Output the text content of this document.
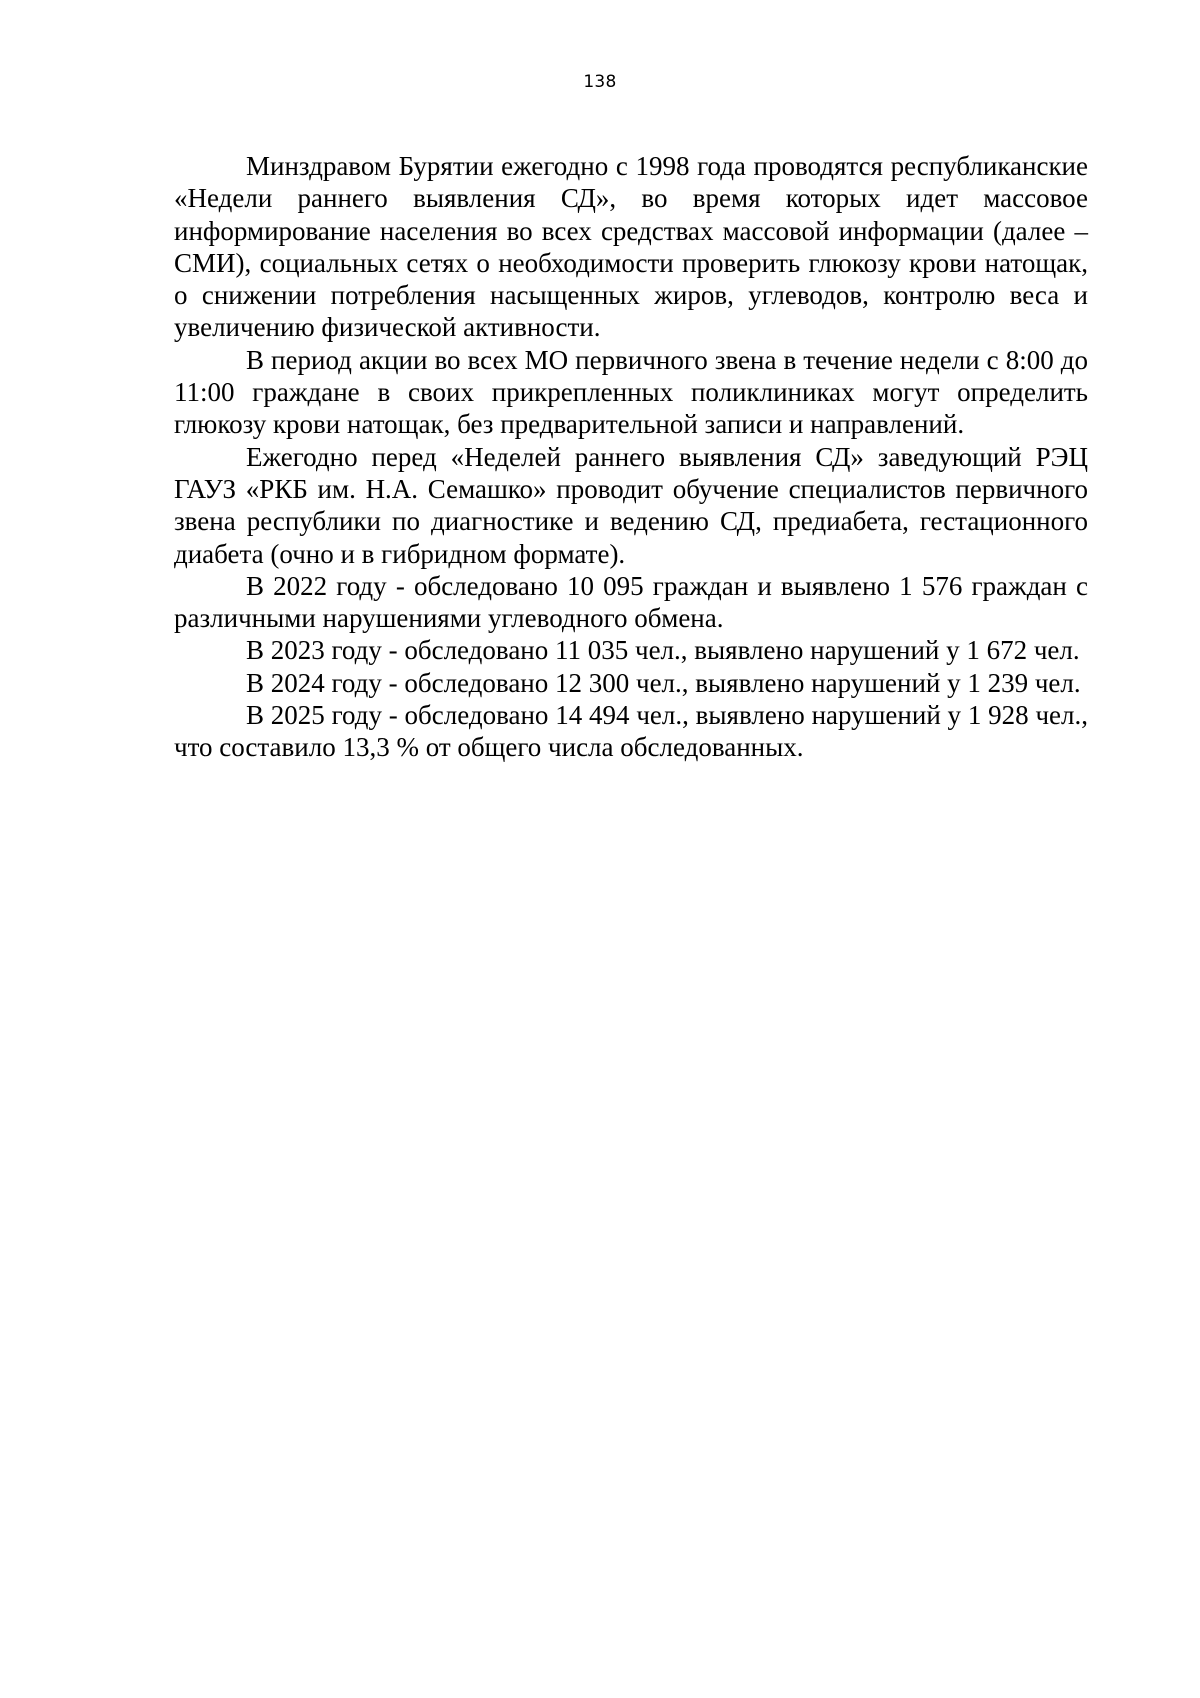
138

Минздравом Бурятии ежегодно с 1998 года проводятся республиканские «Недели раннего выявления СД», во время которых идет массовое информирование населения во всех средствах массовой информации (далее – СМИ), социальных сетях о необходимости проверить глюкозу крови натощак, о снижении потребления насыщенных жиров, углеводов, контролю веса и увеличению физической активности.

В период акции во всех МО первичного звена в течение недели с 8:00 до 11:00 граждане в своих прикрепленных поликлиниках могут определить глюкозу крови натощак, без предварительной записи и направлений.

Ежегодно перед «Неделей раннего выявления СД» заведующий РЭЦ ГАУЗ «РКБ им. Н.А. Семашко» проводит обучение специалистов первичного звена республики по диагностике и ведению СД, предиабета, гестационного диабета (очно и в гибридном формате).

В 2022 году - обследовано 10 095 граждан и выявлено 1 576 граждан с различными нарушениями углеводного обмена.

В 2023 году - обследовано 11 035 чел., выявлено нарушений у 1 672 чел.

В 2024 году - обследовано 12 300 чел., выявлено нарушений у 1 239 чел.

В 2025 году - обследовано 14 494 чел., выявлено нарушений у 1 928 чел., что составило 13,3 % от общего числа обследованных.
